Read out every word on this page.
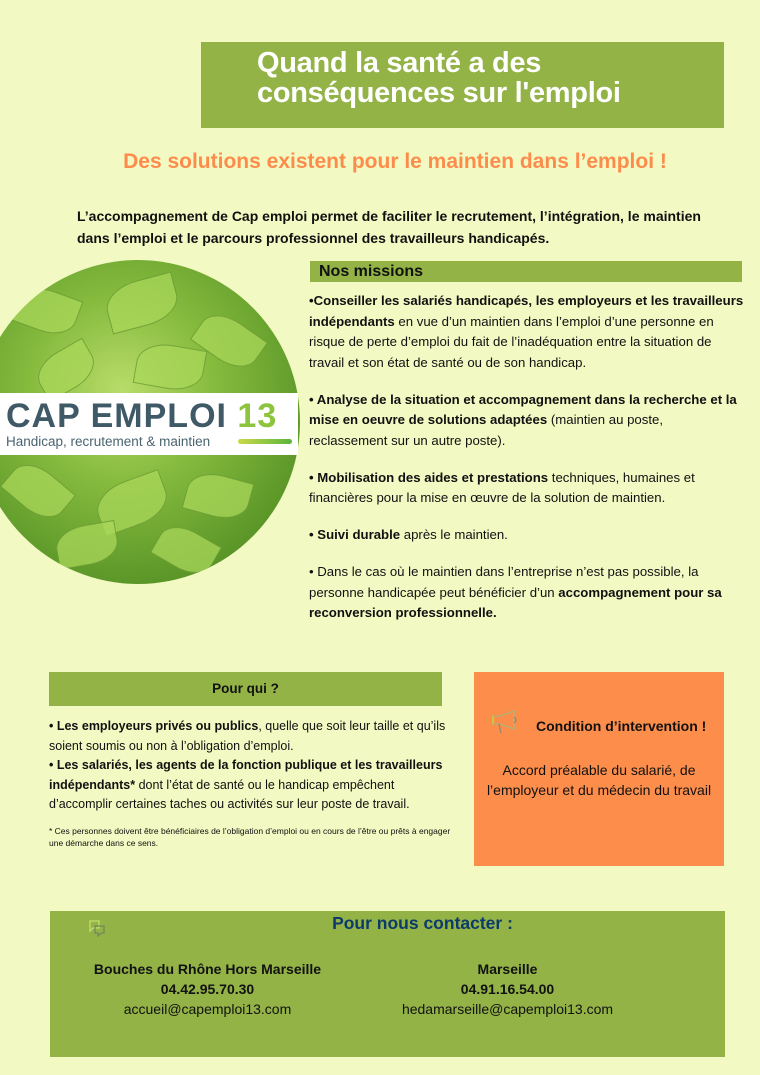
Quand la santé a des
conséquences sur l'emploi
Des solutions existent pour le maintien dans l’emploi !
L’accompagnement de Cap emploi permet de faciliter le recrutement, l’intégration, le maintien dans l’emploi et le parcours professionnel des travailleurs handicapés.
CAP EMPLOI 13
Handicap, recrutement & maintien
Nos missions

•Conseiller les salariés handicapés, les employeurs et les travailleurs indépendants en vue d’un maintien dans l’emploi d’une personne en risque de perte d’emploi du fait de l’inadéquation entre la situation de travail et son état de santé ou de son handicap.

• Analyse de la situation et accompagnement dans la recherche et la mise en oeuvre de solutions adaptées (maintien au poste, reclassement sur un autre poste).

• Mobilisation des aides et prestations techniques, humaines et financières pour la mise en œuvre de la solution de maintien.

• Suivi durable après le maintien.

• Dans le cas où le maintien dans l’entreprise n’est pas possible, la personne handicapée peut bénéficier d’un accompagnement pour sa reconversion professionnelle.

Pour qui ?

• Les employeurs privés ou publics, quelle que soit leur taille et qu’ils soient soumis ou non à l’obligation d’emploi.

• Les salariés, les agents de la fonction publique et les travailleurs indépendants* dont l’état de santé ou le handicap empêchent d’accomplir certaines taches ou activités sur leur poste de travail.

* Ces personnes doivent être bénéficiaires de l’obligation d’emploi ou en cours de l’être ou prêts à engager une démarche dans ce sens.
Condition d’intervention !
Accord préalable du salarié, de l’employeur et du médecin du travail
Pour nous contacter :
Bouches du Rhône Hors Marseille
04.42.95.70.30
accueil@capemploi13.com
Marseille
04.91.16.54.00
hedamarseille@capemploi13.com
